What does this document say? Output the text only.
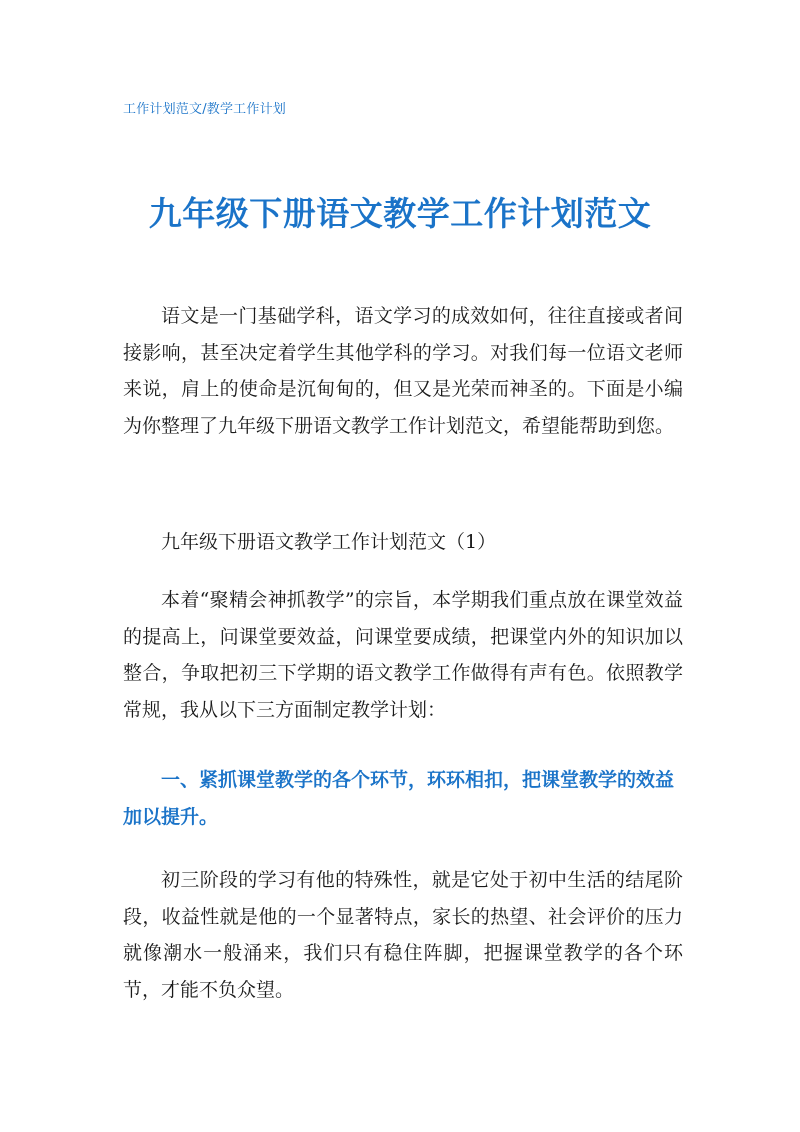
工作计划范文/教学工作计划
九年级下册语文教学工作计划范文

语文是一门基础学科，语文学习的成效如何，往往直接或者间接影响，甚至决定着学生其他学科的学习。对我们每一位语文老师来说，肩上的使命是沉甸甸的，但又是光荣而神圣的。下面是小编为你整理了九年级下册语文教学工作计划范文，希望能帮助到您。

九年级下册语文教学工作计划范文（1）

本着“聚精会神抓教学”的宗旨，本学期我们重点放在课堂效益的提高上，问课堂要效益，问课堂要成绩，把课堂内外的知识加以整合，争取把初三下学期的语文教学工作做得有声有色。依照教学常规，我从以下三方面制定教学计划：

一、紧抓课堂教学的各个环节，环环相扣，把课堂教学的效益加以提升。

初三阶段的学习有他的特殊性，就是它处于初中生活的结尾阶段，收益性就是他的一个显著特点，家长的热望、社会评价的压力就像潮水一般涌来，我们只有稳住阵脚，把握课堂教学的各个环节，才能不负众望。
